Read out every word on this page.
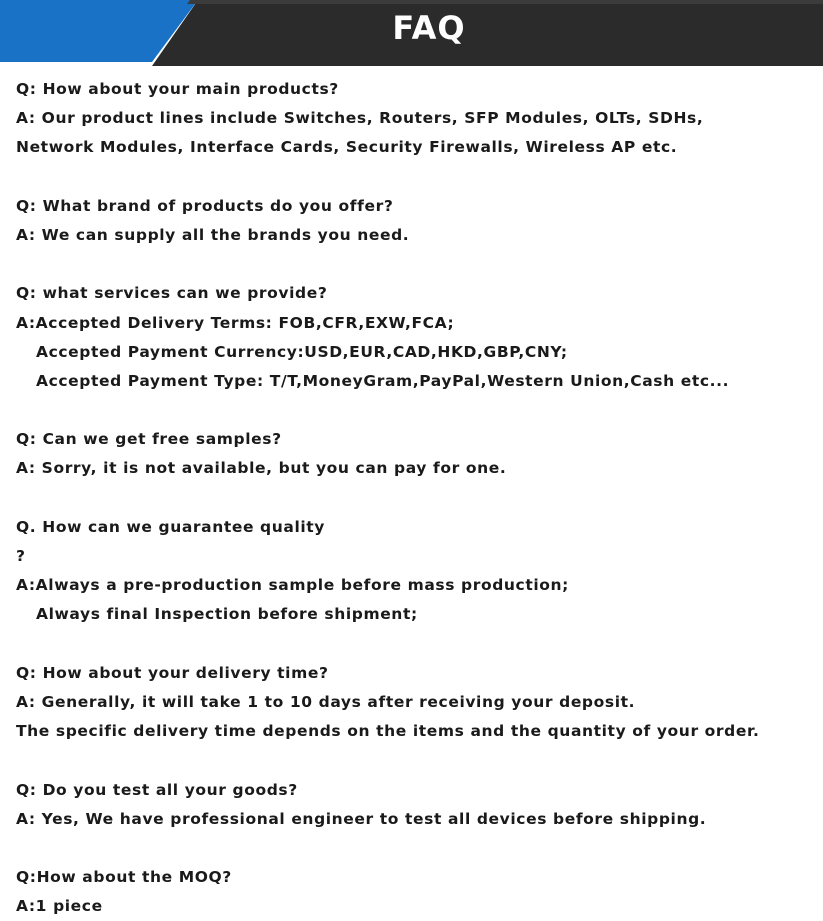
FAQ
Q: How about your main products?
A: Our product lines include Switches, Routers, SFP Modules, OLTs, SDHs,
Network Modules, Interface Cards, Security Firewalls, Wireless AP etc.
Q: What brand of products do you offer?
A: We can supply all the brands you need.
Q: what services can we provide?
A:Accepted Delivery Terms: FOB,CFR,EXW,FCA;
Accepted Payment Currency:USD,EUR,CAD,HKD,GBP,CNY;
Accepted Payment Type: T/T,MoneyGram,PayPal,Western Union,Cash etc...
Q: Can we get free samples?
A: Sorry, it is not available, but you can pay for one.
Q. How can we guarantee quality
?
A:Always a pre-production sample before mass production;
Always final Inspection before shipment;
Q: How about your delivery time?
A: Generally, it will take 1 to 10 days after receiving your deposit.
The specific delivery time depends on the items and the quantity of your order.
Q: Do you test all your goods?
A: Yes, We have professional engineer to test all devices before shipping.
Q:How about the MOQ?
A:1 piece
